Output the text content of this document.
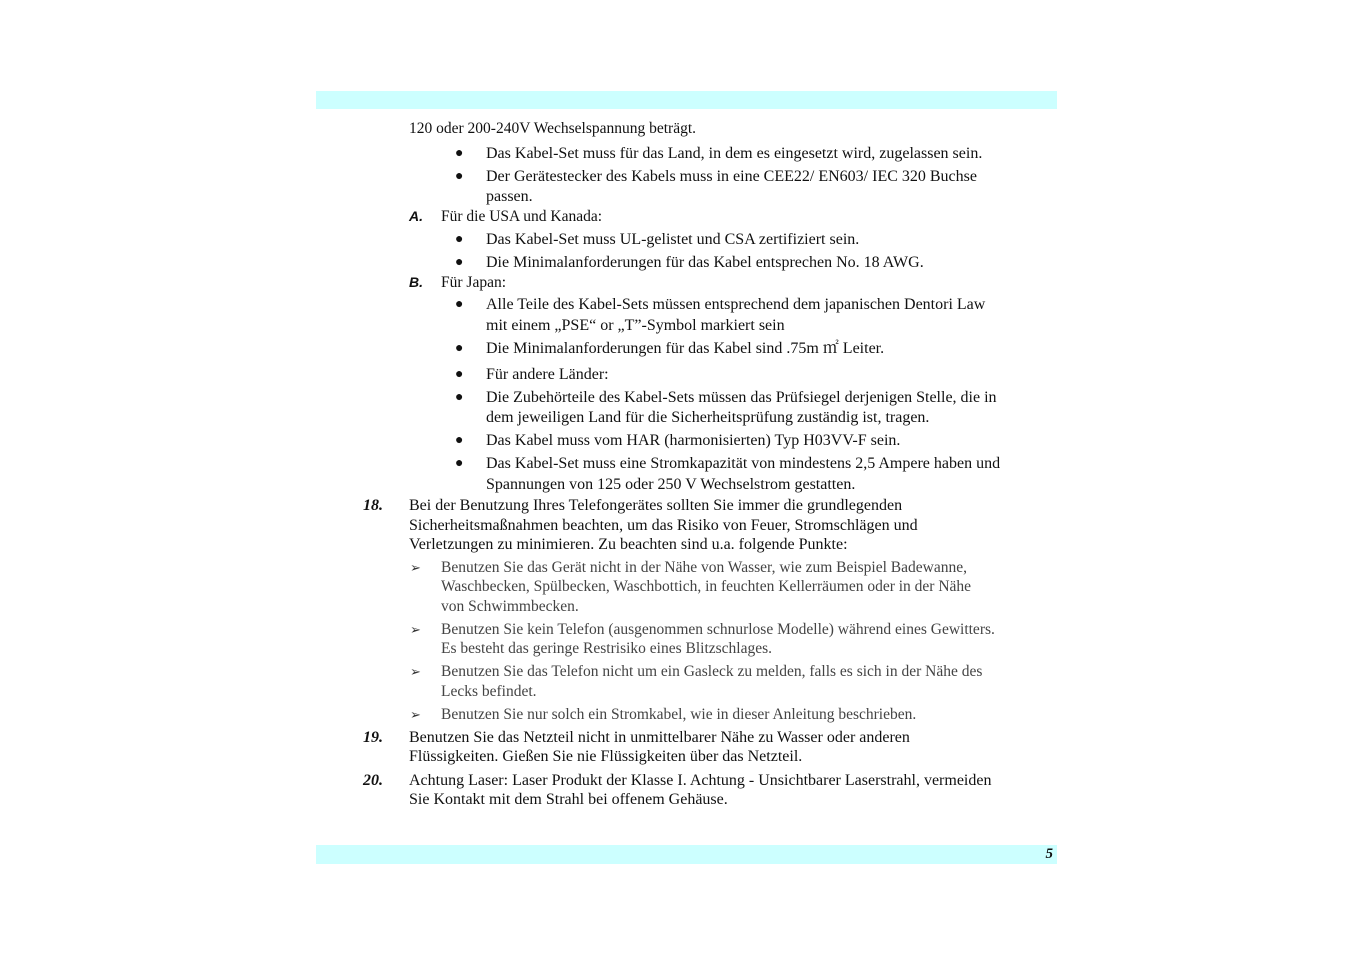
120 oder 200-240V Wechselspannung beträgt.
● Das Kabel-Set muss für das Land, in dem es eingesetzt wird, zugelassen sein.
● Der Gerätestecker des Kabels muss in eine CEE22/ EN603/ IEC 320 Buchse
passen.
A. Für die USA und Kanada:
● Das Kabel-Set muss UL-gelistet und CSA zertifiziert sein.
● Die Minimalanforderungen für das Kabel entsprechen No. 18 AWG.
B. Für Japan:
● Alle Teile des Kabel-Sets müssen entsprechend dem japanischen Dentori Law
mit einem „PSE“ or „T”-Symbol markiert sein
● Die Minimalanforderungen für das Kabel sind .75m ㎡ Leiter.
● Für andere Länder:
● Die Zubehörteile des Kabel-Sets müssen das Prüfsiegel derjenigen Stelle, die in
dem jeweiligen Land für die Sicherheitsprüfung zuständig ist, tragen.
● Das Kabel muss vom HAR (harmonisierten) Typ H03VV-F sein.
● Das Kabel-Set muss eine Stromkapazität von mindestens 2,5 Ampere haben und
Spannungen von 125 oder 250 V Wechselstrom gestatten.
18. Bei der Benutzung Ihres Telefongerätes sollten Sie immer die grundlegenden
Sicherheitsmaßnahmen beachten, um das Risiko von Feuer, Stromschlägen und
Verletzungen zu minimieren. Zu beachten sind u.a. folgende Punkte:
➢ Benutzen Sie das Gerät nicht in der Nähe von Wasser, wie zum Beispiel Badewanne,
Waschbecken, Spülbecken, Waschbottich, in feuchten Kellerräumen oder in der Nähe
von Schwimmbecken.
➢ Benutzen Sie kein Telefon (ausgenommen schnurlose Modelle) während eines Gewitters.
Es besteht das geringe Restrisiko eines Blitzschlages.
➢ Benutzen Sie das Telefon nicht um ein Gasleck zu melden, falls es sich in der Nähe des
Lecks befindet.
➢ Benutzen Sie nur solch ein Stromkabel, wie in dieser Anleitung beschrieben.
19. Benutzen Sie das Netzteil nicht in unmittelbarer Nähe zu Wasser oder anderen
Flüssigkeiten. Gießen Sie nie Flüssigkeiten über das Netzteil.
20. Achtung Laser: Laser Produkt der Klasse I. Achtung - Unsichtbarer Laserstrahl, vermeiden
Sie Kontakt mit dem Strahl bei offenem Gehäuse.
5
